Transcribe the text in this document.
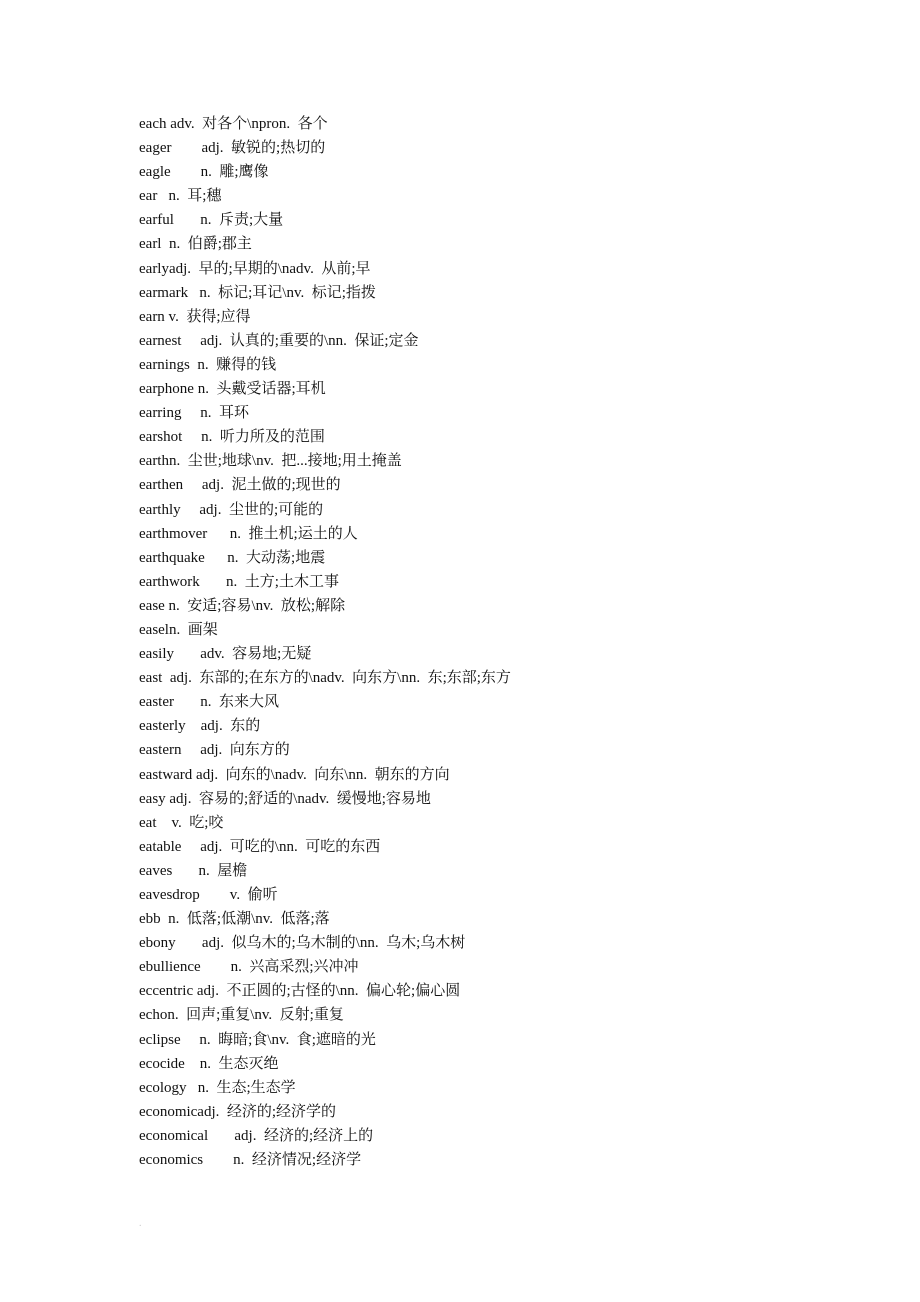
each adv.  对各个\npron.  各个
eager        adj.  敏锐的;热切的
eagle        n.  雕;鹰像
ear   n.  耳;穗
earful       n.  斥责;大量
earl  n.  伯爵;郡主
earlyadj.  早的;早期的\nadv.  从前;早
earmark   n.  标记;耳记\nv.  标记;指拨
earn v.  获得;应得
earnest     adj.  认真的;重要的\nn.  保证;定金
earnings  n.  赚得的钱
earphone n.  头戴受话器;耳机
earring     n.  耳环
earshot     n.  听力所及的范围
earthn.  尘世;地球\nv.  把...接地;用土掩盖
earthen     adj.  泥土做的;现世的
earthly     adj.  尘世的;可能的
earthmover      n.  推土机;运土的人
earthquake      n.  大动荡;地震
earthwork       n.  土方;土木工事
ease n.  安适;容易\nv.  放松;解除
easeln.  画架
easily       adv.  容易地;无疑
east  adj.  东部的;在东方的\nadv.  向东方\nn.  东;东部;东方
easter       n.  东来大风
easterly    adj.  东的
eastern     adj.  向东方的
eastward adj.  向东的\nadv.  向东\nn.  朝东的方向
easy adj.  容易的;舒适的\nadv.  缓慢地;容易地
eat    v.  吃;咬
eatable     adj.  可吃的\nn.  可吃的东西
eaves       n.  屋檐
eavesdrop        v.  偷听
ebb  n.  低落;低潮\nv.  低落;落
ebony       adj.  似乌木的;乌木制的\nn.  乌木;乌木树
ebullience        n.  兴高采烈;兴冲冲
eccentric adj.  不正圆的;古怪的\nn.  偏心轮;偏心圆
echon.  回声;重复\nv.  反射;重复
eclipse     n.  晦暗;食\nv.  食;遮暗的光
ecocide    n.  生态灭绝
ecology   n.  生态;生态学
economicadj.  经济的;经济学的
economical       adj.  经济的;经济上的
economics        n.  经济情况;经济学
.
